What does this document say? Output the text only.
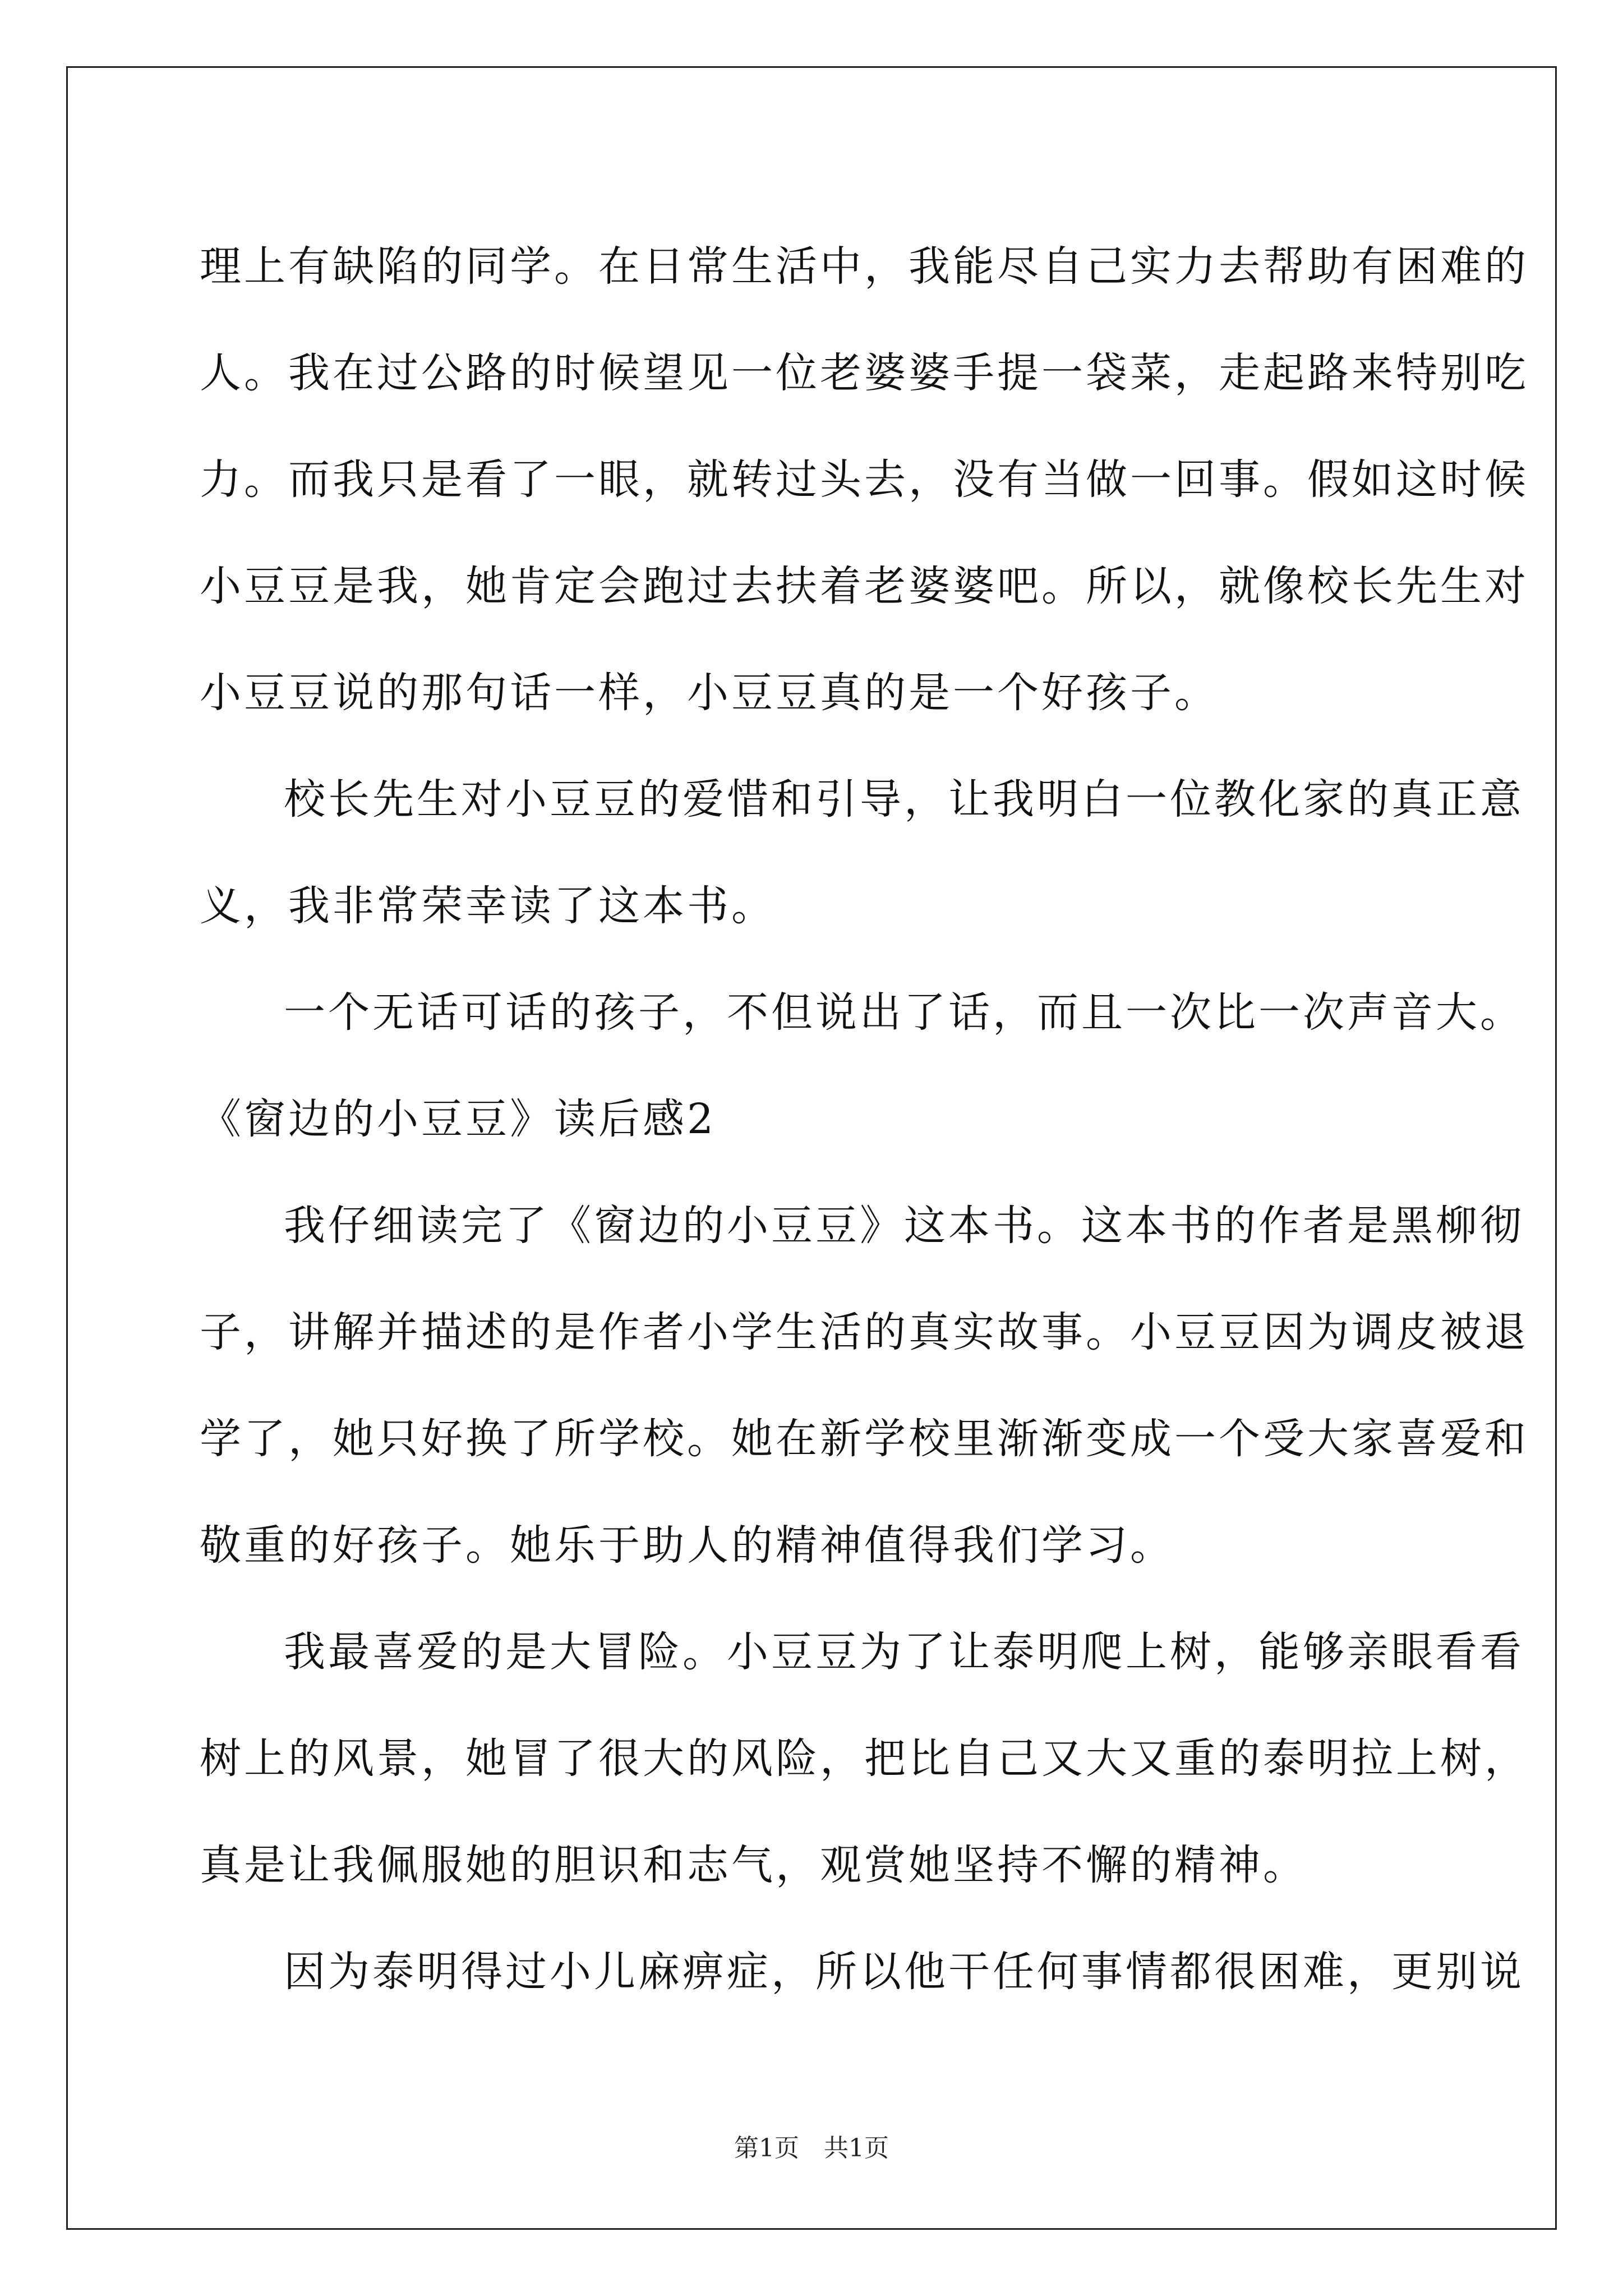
理上有缺陷的同学。在日常生活中，我能尽自己实力去帮助有困难的
人。我在过公路的时候望见一位老婆婆手提一袋菜，走起路来特别吃
力。而我只是看了一眼，就转过头去，没有当做一回事。假如这时候
小豆豆是我，她肯定会跑过去扶着老婆婆吧。所以，就像校长先生对
小豆豆说的那句话一样，小豆豆真的是一个好孩子。
校长先生对小豆豆的爱惜和引导，让我明白一位教化家的真正意
义，我非常荣幸读了这本书。
一个无话可话的孩子，不但说出了话，而且一次比一次声音大。
《窗边的小豆豆》读后感2
我仔细读完了《窗边的小豆豆》这本书。这本书的作者是黑柳彻
子，讲解并描述的是作者小学生活的真实故事。小豆豆因为调皮被退
学了，她只好换了所学校。她在新学校里渐渐变成一个受大家喜爱和
敬重的好孩子。她乐于助人的精神值得我们学习。
我最喜爱的是大冒险。小豆豆为了让泰明爬上树，能够亲眼看看
树上的风景，她冒了很大的风险，把比自己又大又重的泰明拉上树，
真是让我佩服她的胆识和志气，观赏她坚持不懈的精神。
因为泰明得过小儿麻痹症，所以他干任何事情都很困难，更别说
第1页　共1页
